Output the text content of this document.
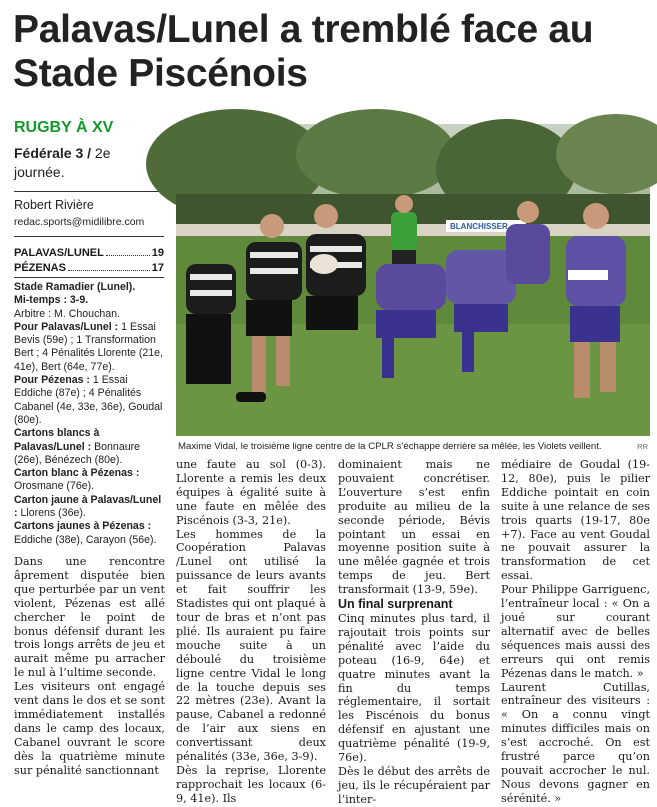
Palavas/Lunel a tremblé face au Stade Piscénois
RUGBY À XV
Fédérale 3 / 2e journée.
Robert Rivière
redac.sports@midilibre.com
PALAVAS/LUNEL	19
PÉZENAS	17

Stade Ramadier (Lunel).

Mi-temps : 3-9.

Arbitre : M. Chouchan.

Pour Palavas/Lunel : 1 Essai Bevis (59e) ; 1 Transformation Bert ; 4 Pénalités Llorente (21e, 41e), Bert (64e, 77e).

Pour Pézenas : 1 Essai Eddiche (87e) ; 4 Pénalités Cabanel (4e, 33e, 36e), Goudal (80e).

Cartons blancs à Palavas/Lunel : Bonnaure (26e), Bénézech (80e).

Carton blanc à Pézenas : Orosmane (76e).

Carton jaune à Palavas/Lunel : Llorens (36e).

Cartons jaunes à Pézenas : Eddiche (38e), Carayon (56e).

BLANCHISSER
Maxime Vidal, le troisième ligne centre de la CPLR s’échappe derrière sa mêlée, les Violets veillent.	RR

Dans une rencontre âprement disputée bien que perturbée par un vent violent, Pézenas est allé chercher le point de bonus défensif durant les trois longs arrêts de jeu et aurait même pu arracher le nul à l’ultime seconde.

Les visiteurs ont engagé vent dans le dos et se sont immédiatement installés dans le camp des locaux, Cabanel ouvrant le score dès la quatrième minute sur pénalité sanctionnant

une faute au sol (0-3). Llorente a remis les deux équipes à égalité suite à une faute en mêlée des Piscénois (3-3, 21e).

Les hommes de la Coopération Palavas /Lunel ont utilisé la puissance de leurs avants et fait souffrir les Stadistes qui ont plaqué à tour de bras et n’ont pas plié. Ils auraient pu faire mouche suite à un déboulé du troisième ligne centre Vidal le long de la touche depuis ses 22 mètres (23e). Avant la pause, Cabanel a redonné de l’air aux siens en convertissant deux pénalités (33e, 36e, 3-9).

Dès la reprise, Llorente rapprochait les locaux (6-9, 41e). Ils

dominaient mais ne pouvaient concrétiser. L’ouverture s’est enfin produite au milieu de la seconde période, Bévis pointant un essai en moyenne position suite à une mêlée gagnée et trois temps de jeu. Bert transformait (13-9, 59e).

Un final surprenant

Cinq minutes plus tard, il rajoutait trois points sur pénalité avec l’aide du poteau (16-9, 64e) et quatre minutes avant la fin du temps réglementaire, il sortait les Piscénois du bonus défensif en ajustant une quatrième pénalité (19-9, 76e).

Dès le début des arrêts de jeu, ils le récupéraient par l’inter-

médiaire de Goudal (19-12, 80e), puis le pilier Eddiche pointait en coin suite à une relance de ses trois quarts (19-17, 80e +7). Face au vent Goudal ne pouvait assurer la transformation de cet essai.

Pour Philippe Garriguenc, l’entraîneur local : « On a joué sur courant alternatif avec de belles séquences mais aussi des erreurs qui ont remis Pézenas dans le match. »

Laurent Cutillas, entraîneur des visiteurs : « On a connu vingt minutes difficiles mais on s’est accroché. On est frustré parce qu’on pouvait accrocher le nul. Nous devons gagner en sérénité. »
